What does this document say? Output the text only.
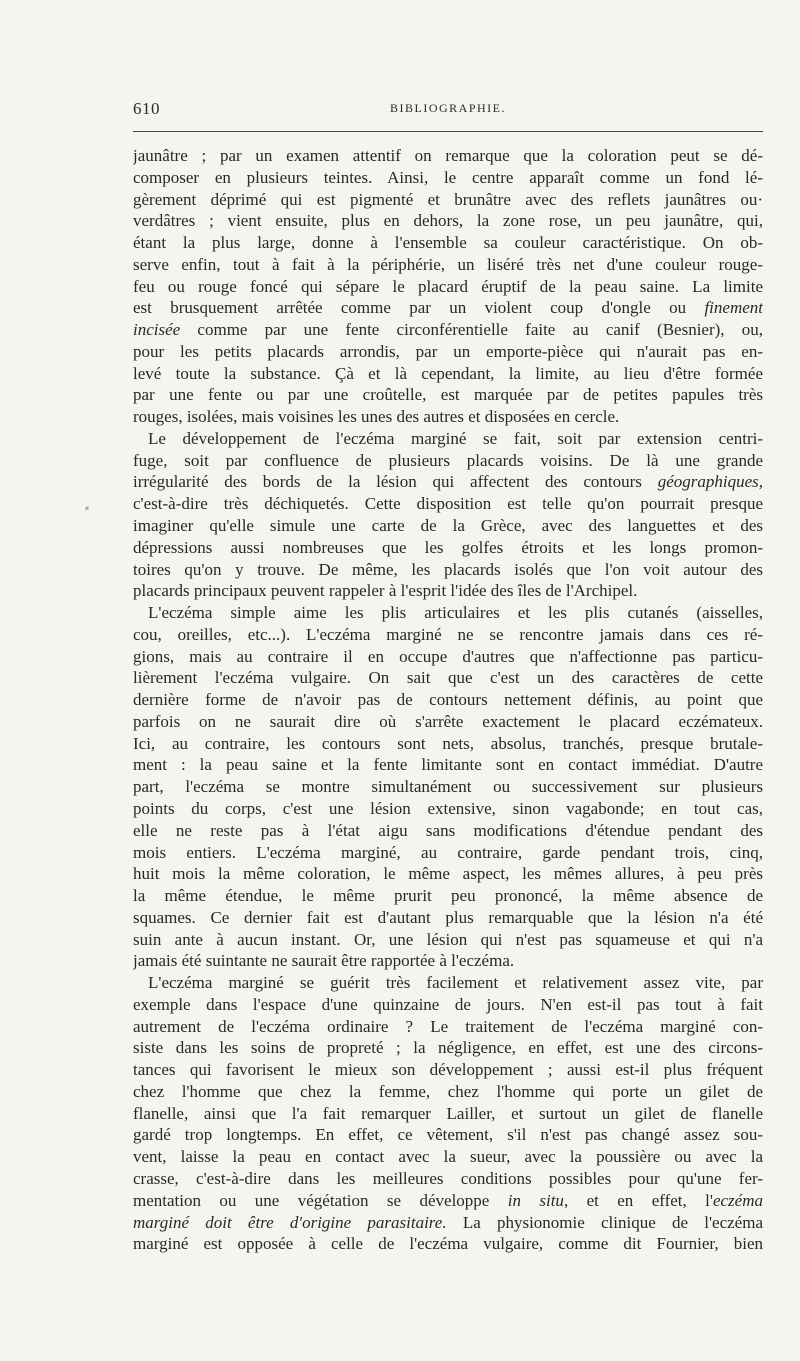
610	BIBLIOGRAPHIE.
⸗
jaunâtre ; par un examen attentif on remarque que la coloration peut se dé-
composer en plusieurs teintes. Ainsi, le centre apparaît comme un fond lé-
gèrement déprimé qui est pigmenté et brunâtre avec des reflets jaunâtres ou·
verdâtres ; vient ensuite, plus en dehors, la zone rose, un peu jaunâtre, qui,
étant la plus large, donne à l'ensemble sa couleur caractéristique. On ob-
serve enfin, tout à fait à la périphérie, un liséré très net d'une couleur rouge-
feu ou rouge foncé qui sépare le placard éruptif de la peau saine. La limite
est brusquement arrêtée comme par un violent coup d'ongle ou finement
incisée comme par une fente circonférentielle faite au canif (Besnier), ou,
pour les petits placards arrondis, par un emporte-pièce qui n'aurait pas en-
levé toute la substance. Çà et là cependant, la limite, au lieu d'être formée
par une fente ou par une croûtelle, est marquée par de petites papules très
rouges, isolées, mais voisines les unes des autres et disposées en cercle.
Le développement de l'eczéma marginé se fait, soit par extension centri-
fuge, soit par confluence de plusieurs placards voisins. De là une grande
irrégularité des bords de la lésion qui affectent des contours géographiques,
c'est-à-dire très déchiquetés. Cette disposition est telle qu'on pourrait presque
imaginer qu'elle simule une carte de la Grèce, avec des languettes et des
dépressions aussi nombreuses que les golfes étroits et les longs promon-
toires qu'on y trouve. De même, les placards isolés que l'on voit autour des
placards principaux peuvent rappeler à l'esprit l'idée des îles de l'Archipel.
L'eczéma simple aime les plis articulaires et les plis cutanés (aisselles,
cou, oreilles, etc...). L'eczéma marginé ne se rencontre jamais dans ces ré-
gions, mais au contraire il en occupe d'autres que n'affectionne pas particu-
lièrement l'eczéma vulgaire. On sait que c'est un des caractères de cette
dernière forme de n'avoir pas de contours nettement définis, au point que
parfois on ne saurait dire où s'arrête exactement le placard eczémateux.
Ici, au contraire, les contours sont nets, absolus, tranchés, presque brutale-
ment : la peau saine et la fente limitante sont en contact immédiat. D'autre
part, l'eczéma se montre simultanément ou successivement sur plusieurs
points du corps, c'est une lésion extensive, sinon vagabonde; en tout cas,
elle ne reste pas à l'état aigu sans modifications d'étendue pendant des
mois entiers. L'eczéma marginé, au contraire, garde pendant trois, cinq,
huit mois la même coloration, le même aspect, les mêmes allures, à peu près
la même étendue, le même prurit peu prononcé, la même absence de
squames. Ce dernier fait est d'autant plus remarquable que la lésion n'a été
suin ante à aucun instant. Or, une lésion qui n'est pas squameuse et qui n'a
jamais été suintante ne saurait être rapportée à l'eczéma.
L'eczéma marginé se guérit très facilement et relativement assez vite, par
exemple dans l'espace d'une quinzaine de jours. N'en est-il pas tout à fait
autrement de l'eczéma ordinaire ? Le traitement de l'eczéma marginé con-
siste dans les soins de propreté ; la négligence, en effet, est une des circons-
tances qui favorisent le mieux son développement ; aussi est-il plus fréquent
chez l'homme que chez la femme, chez l'homme qui porte un gilet de
flanelle, ainsi que l'a fait remarquer Lailler, et surtout un gilet de flanelle
gardé trop longtemps. En effet, ce vêtement, s'il n'est pas changé assez sou-
vent, laisse la peau en contact avec la sueur, avec la poussière ou avec la
crasse, c'est-à-dire dans les meilleures conditions possibles pour qu'une fer-
mentation ou une végétation se développe in situ, et en effet, l'eczéma
marginé doit être d'origine parasitaire. La physionomie clinique de l'eczéma
marginé est opposée à celle de l'eczéma vulgaire, comme dit Fournier, bien
